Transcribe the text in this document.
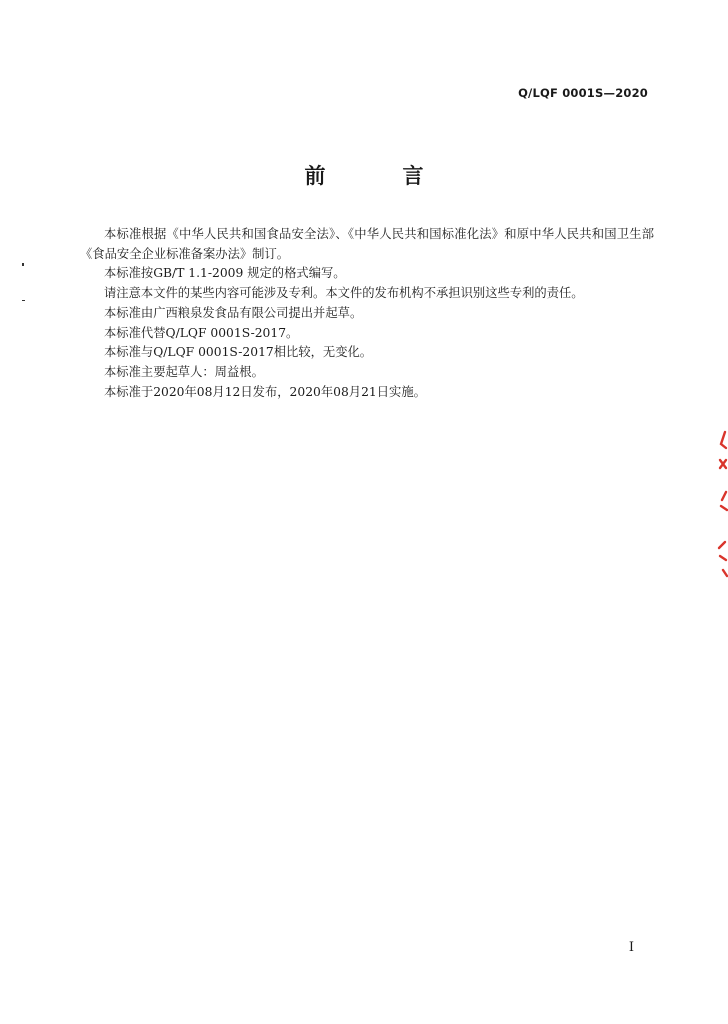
Q/LQF 0001S—2020
前　言

本标准根据《中华人民共和国食品安全法》、《中华人民共和国标准化法》和原中华人民共和国卫生部《食品安全企业标准备案办法》制订。

本标准按GB/T 1.1-2009 规定的格式编写。

请注意本文件的某些内容可能涉及专利。本文件的发布机构不承担识别这些专利的责任。

本标准由广西粮泉发食品有限公司提出并起草。

本标准代替Q/LQF 0001S-2017。

本标准与Q/LQF 0001S-2017相比较，无变化。

本标准主要起草人：周益根。

本标准于2020年08月12日发布，2020年08月21日实施。

I
